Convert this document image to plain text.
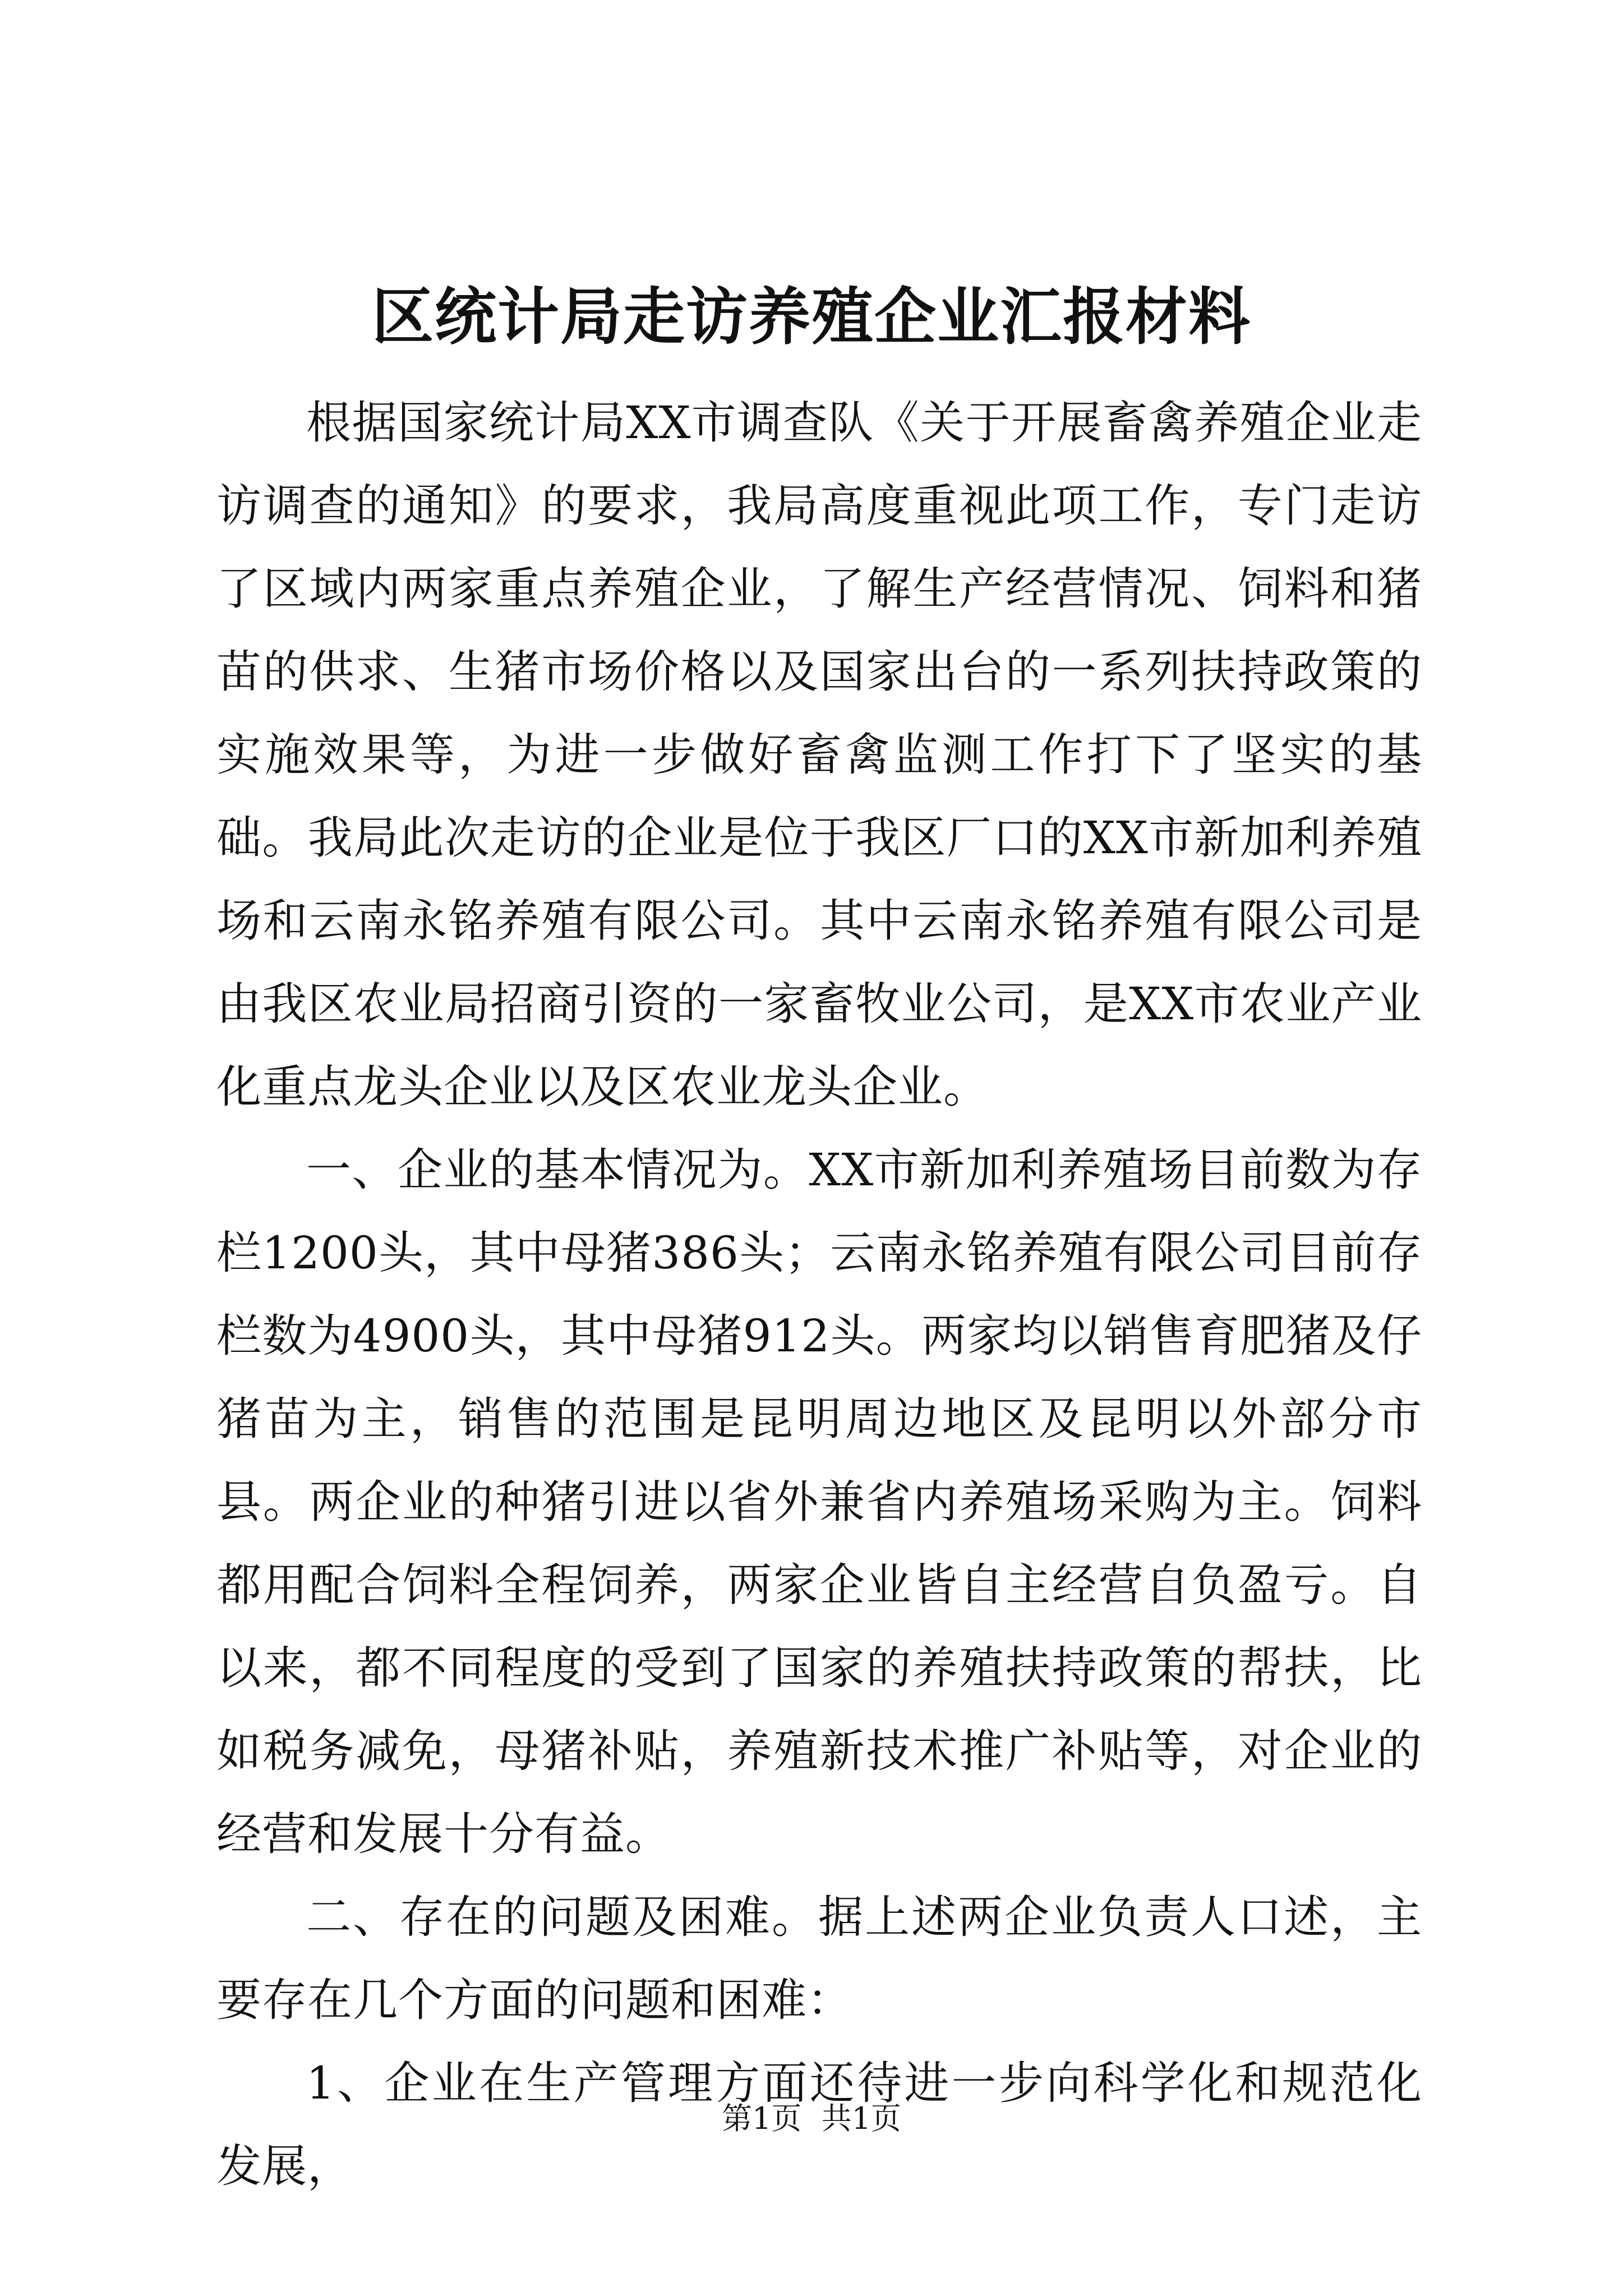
区统计局走访养殖企业汇报材料

根据国家统计局XX市调查队《关于开展畜禽养殖企业走访调查的通知》的要求，我局高度重视此项工作，专门走访了区域内两家重点养殖企业，了解生产经营情况、饲料和猪苗的供求、生猪市场价格以及国家出台的一系列扶持政策的实施效果等，为进一步做好畜禽监测工作打下了坚实的基础。我局此次走访的企业是位于我区厂口的XX市新加利养殖场和云南永铭养殖有限公司。其中云南永铭养殖有限公司是由我区农业局招商引资的一家畜牧业公司，是XX市农业产业化重点龙头企业以及区农业龙头企业。

一、企业的基本情况为。XX市新加利养殖场目前数为存栏1200头，其中母猪386头；云南永铭养殖有限公司目前存栏数为4900头，其中母猪912头。两家均以销售育肥猪及仔猪苗为主，销售的范围是昆明周边地区及昆明以外部分市县。两企业的种猪引进以省外兼省内养殖场采购为主。饲料都用配合饲料全程饲养，两家企业皆自主经营自负盈亏。自以来，都不同程度的受到了国家的养殖扶持政策的帮扶，比如税务减免，母猪补贴，养殖新技术推广补贴等，对企业的经营和发展十分有益。

二、存在的问题及困难。据上述两企业负责人口述，主要存在几个方面的问题和困难：

1、企业在生产管理方面还待进一步向科学化和规范化发展，

第1页 共1页
